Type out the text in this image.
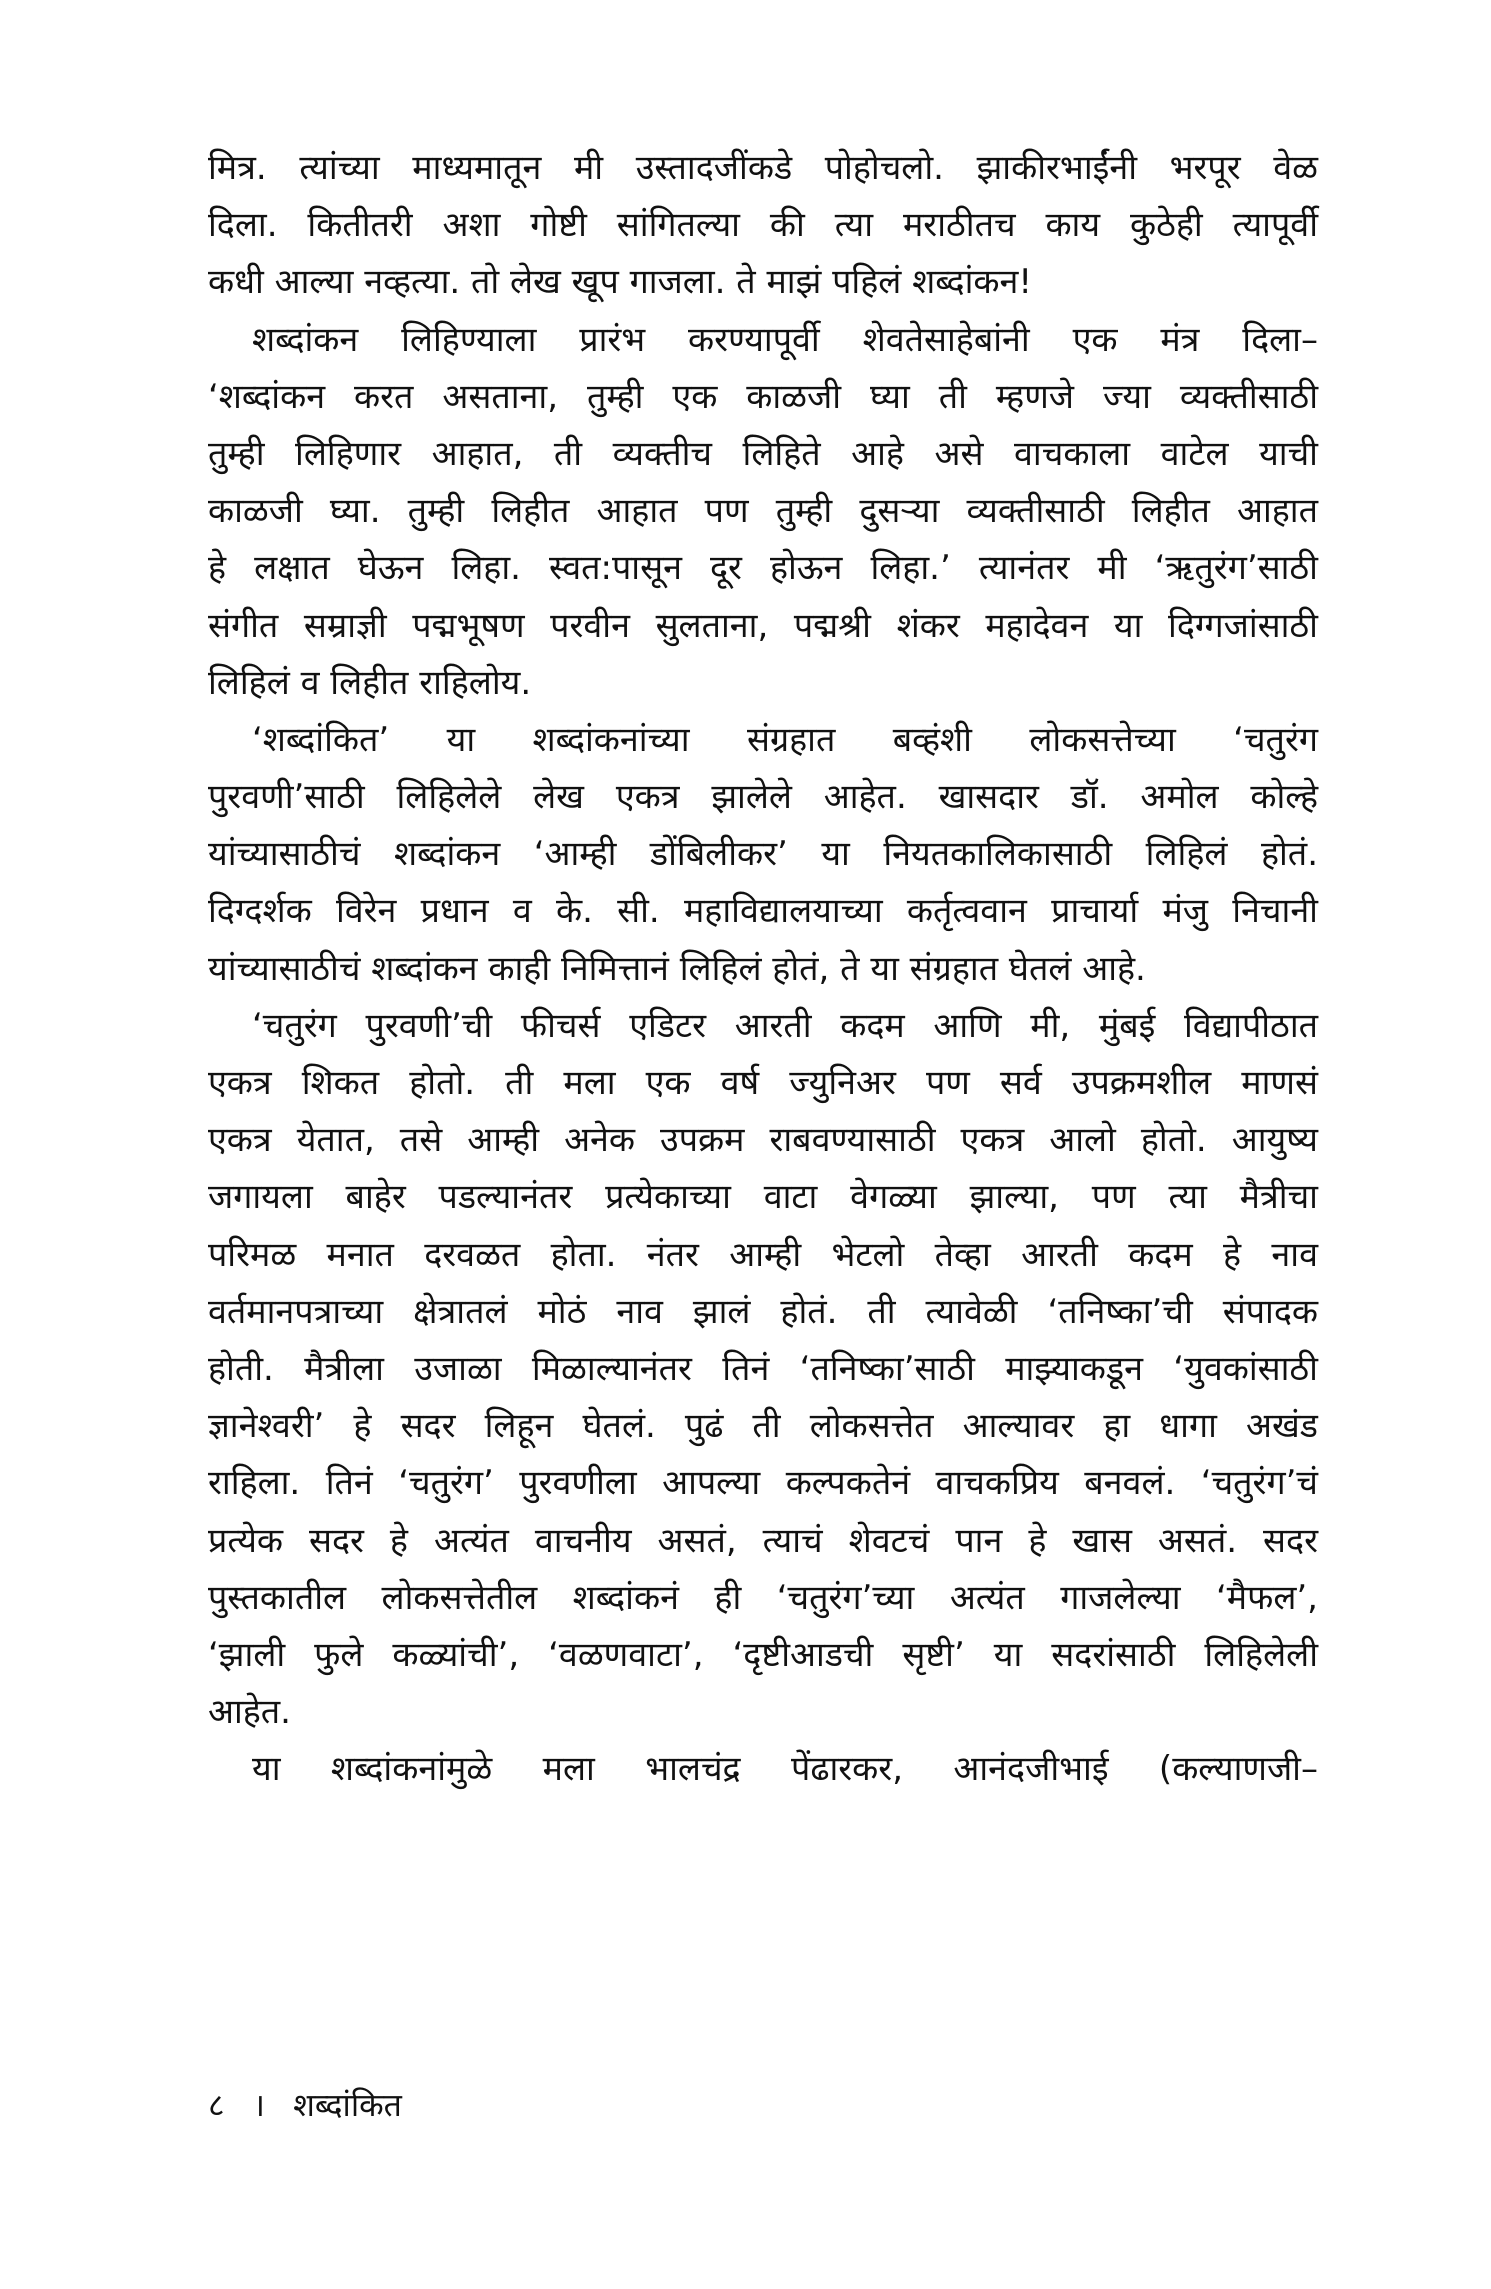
मित्र. त्यांच्या माध्यमातून मी उस्तादजींकडे पोहोचलो. झाकीरभाईंनी भरपूर वेळ
दिला. कितीतरी अशा गोष्टी सांगितल्या की त्या मराठीतच काय कुठेही त्यापूर्वी
कधी आल्या नव्हत्या. तो लेख खूप गाजला. ते माझं पहिलं शब्दांकन!
शब्दांकन लिहिण्याला प्रारंभ करण्यापूर्वी शेवतेसाहेबांनी एक मंत्र दिला–
‘शब्दांकन करत असताना, तुम्ही एक काळजी घ्या ती म्हणजे ज्या व्यक्तीसाठी
तुम्ही लिहिणार आहात, ती व्यक्तीच लिहिते आहे असे वाचकाला वाटेल याची
काळजी घ्या. तुम्ही लिहीत आहात पण तुम्ही दुसऱ्या व्यक्तीसाठी लिहीत आहात
हे लक्षात घेऊन लिहा. स्वत:पासून दूर होऊन लिहा.’ त्यानंतर मी ‘ऋतुरंग’साठी
संगीत सम्राज्ञी पद्मभूषण परवीन सुलताना, पद्मश्री शंकर महादेवन या दिग्गजांसाठी
लिहिलं व लिहीत राहिलोय.
‘शब्दांकित’ या शब्दांकनांच्या संग्रहात बव्हंशी लोकसत्तेच्या ‘चतुरंग
पुरवणी’साठी लिहिलेले लेख एकत्र झालेले आहेत. खासदार डॉ. अमोल कोल्हे
यांच्यासाठीचं शब्दांकन ‘आम्ही डोंबिलीकर’ या नियतकालिकासाठी लिहिलं होतं.
दिग्दर्शक विरेन प्रधान व के. सी. महाविद्यालयाच्या कर्तृत्ववान प्राचार्या मंजु निचानी
यांच्यासाठीचं शब्दांकन काही निमित्तानं लिहिलं होतं, ते या संग्रहात घेतलं आहे.
‘चतुरंग पुरवणी’ची फीचर्स एडिटर आरती कदम आणि मी, मुंबई विद्यापीठात
एकत्र शिकत होतो. ती मला एक वर्ष ज्युनिअर पण सर्व उपक्रमशील माणसं
एकत्र येतात, तसे आम्ही अनेक उपक्रम राबवण्यासाठी एकत्र आलो होतो. आयुष्य
जगायला बाहेर पडल्यानंतर प्रत्येकाच्या वाटा वेगळ्या झाल्या, पण त्या मैत्रीचा
परिमळ मनात दरवळत होता. नंतर आम्ही भेटलो तेव्हा आरती कदम हे नाव
वर्तमानपत्राच्या क्षेत्रातलं मोठं नाव झालं होतं. ती त्यावेळी ‘तनिष्का’ची संपादक
होती. मैत्रीला उजाळा मिळाल्यानंतर तिनं ‘तनिष्का’साठी माझ्याकडून ‘युवकांसाठी
ज्ञानेश्वरी’ हे सदर लिहून घेतलं. पुढं ती लोकसत्तेत आल्यावर हा धागा अखंड
राहिला. तिनं ‘चतुरंग’ पुरवणीला आपल्या कल्पकतेनं वाचकप्रिय बनवलं. ‘चतुरंग’चं
प्रत्येक सदर हे अत्यंत वाचनीय असतं, त्याचं शेवटचं पान हे खास असतं. सदर
पुस्तकातील लोकसत्तेतील शब्दांकनं ही ‘चतुरंग’च्या अत्यंत गाजलेल्या ‘मैफल’,
‘झाली फुले कळ्यांची’, ‘वळणवाटा’, ‘दृष्टीआडची सृष्टी’ या सदरांसाठी लिहिलेली
आहेत.
या शब्दांकनांमुळे मला भालचंद्र पेंढारकर, आनंदजीभाई (कल्याणजी–
८ । शब्दांकित
